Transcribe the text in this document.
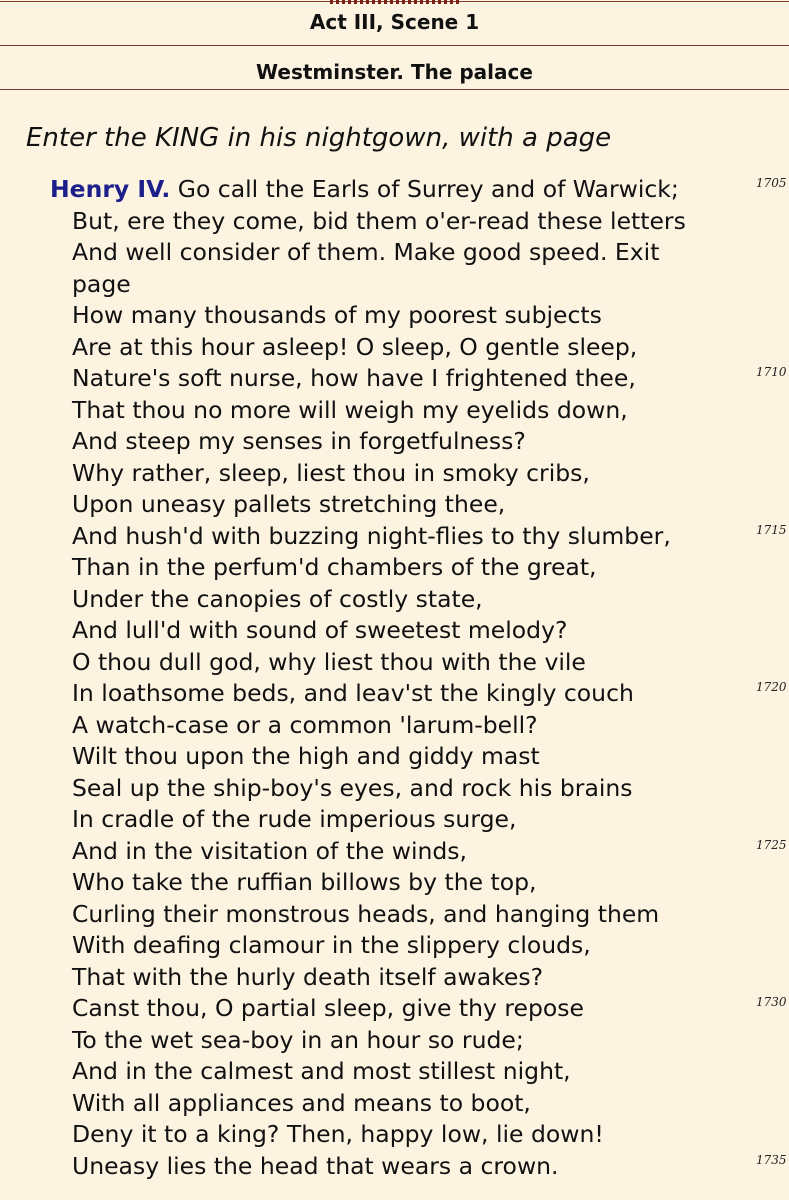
Act III, Scene 1
Westminster. The palace
Enter the KING in his nightgown, with a page
Henry IV. Go call the Earls of Surrey and of Warwick;	1705
But, ere they come, bid them o'er-read these letters
And well consider of them. Make good speed. Exit
page
How many thousands of my poorest subjects
Are at this hour asleep! O sleep, O gentle sleep,
Nature's soft nurse, how have I frightened thee,	1710
That thou no more will weigh my eyelids down,
And steep my senses in forgetfulness?
Why rather, sleep, liest thou in smoky cribs,
Upon uneasy pallets stretching thee,
And hush'd with buzzing night-flies to thy slumber,	1715
Than in the perfum'd chambers of the great,
Under the canopies of costly state,
And lull'd with sound of sweetest melody?
O thou dull god, why liest thou with the vile
In loathsome beds, and leav'st the kingly couch	1720
A watch-case or a common 'larum-bell?
Wilt thou upon the high and giddy mast
Seal up the ship-boy's eyes, and rock his brains
In cradle of the rude imperious surge,
And in the visitation of the winds,	1725
Who take the ruffian billows by the top,
Curling their monstrous heads, and hanging them
With deafing clamour in the slippery clouds,
That with the hurly death itself awakes?
Canst thou, O partial sleep, give thy repose	1730
To the wet sea-boy in an hour so rude;
And in the calmest and most stillest night,
With all appliances and means to boot,
Deny it to a king? Then, happy low, lie down!
Uneasy lies the head that wears a crown.	1735
